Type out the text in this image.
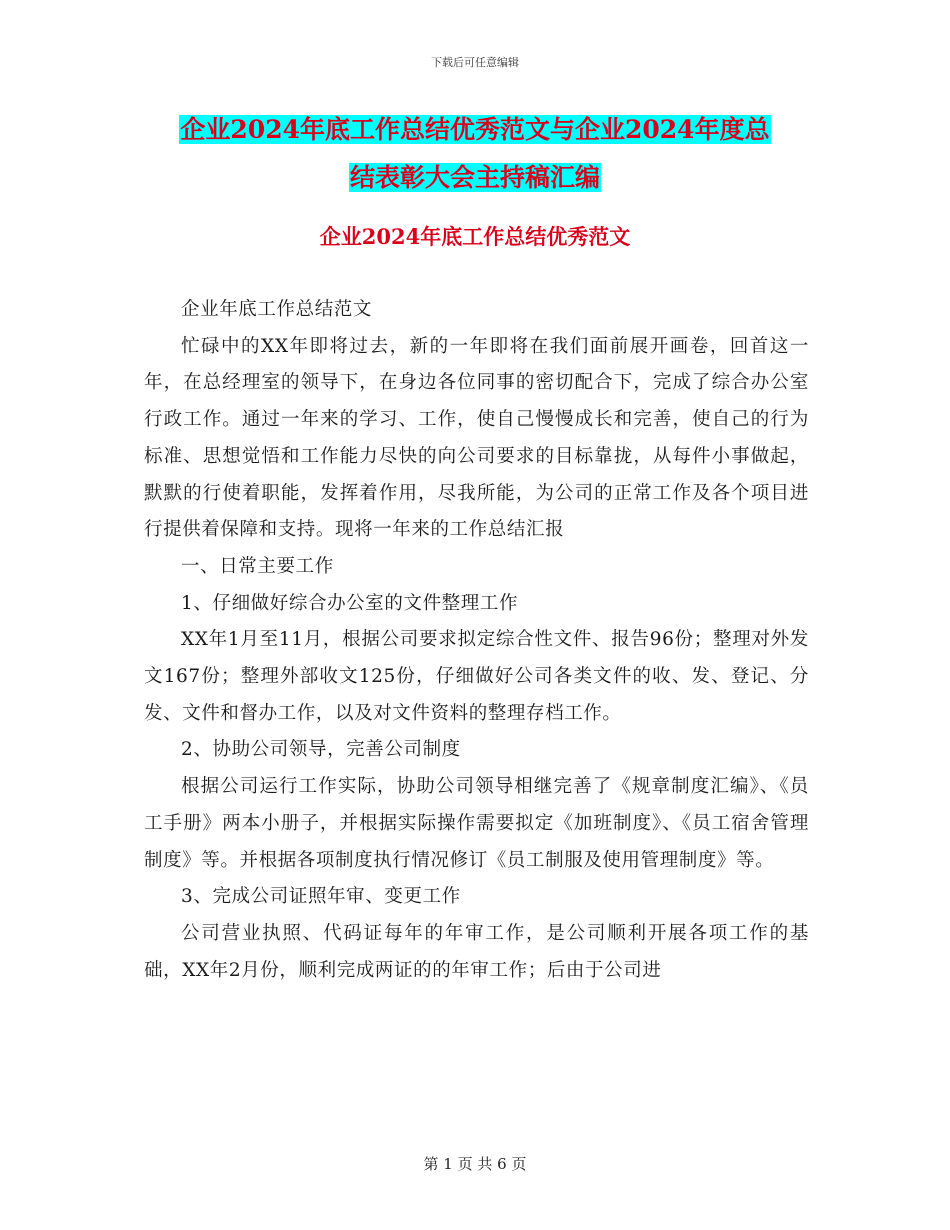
下载后可任意编辑
企业2024年底工作总结优秀范文与企业2024年度总
结表彰大会主持稿汇编
企业2024年底工作总结优秀范文

企业年底工作总结范文

忙碌中的XX年即将过去，新的一年即将在我们面前展开画卷，回首这一年，在总经理室的领导下，在身边各位同事的密切配合下，完成了综合办公室行政工作。通过一年来的学习、工作，使自己慢慢成长和完善，使自己的行为标准、思想觉悟和工作能力尽快的向公司要求的目标靠拢，从每件小事做起，默默的行使着职能，发挥着作用，尽我所能，为公司的正常工作及各个项目进行提供着保障和支持。现将一年来的工作总结汇报

一、日常主要工作

1、仔细做好综合办公室的文件整理工作

XX年1月至11月，根据公司要求拟定综合性文件、报告96份；整理对外发文167份；整理外部收文125份，仔细做好公司各类文件的收、发、登记、分发、文件和督办工作，以及对文件资料的整理存档工作。

2、协助公司领导，完善公司制度

根据公司运行工作实际，协助公司领导相继完善了《规章制度汇编》、《员工手册》两本小册子，并根据实际操作需要拟定《加班制度》、《员工宿舍管理制度》等。并根据各项制度执行情况修订《员工制服及使用管理制度》等。

3、完成公司证照年审、变更工作

公司营业执照、代码证每年的年审工作，是公司顺利开展各项工作的基础，XX年2月份，顺利完成两证的的年审工作；后由于公司进

第 1 页 共 6 页
